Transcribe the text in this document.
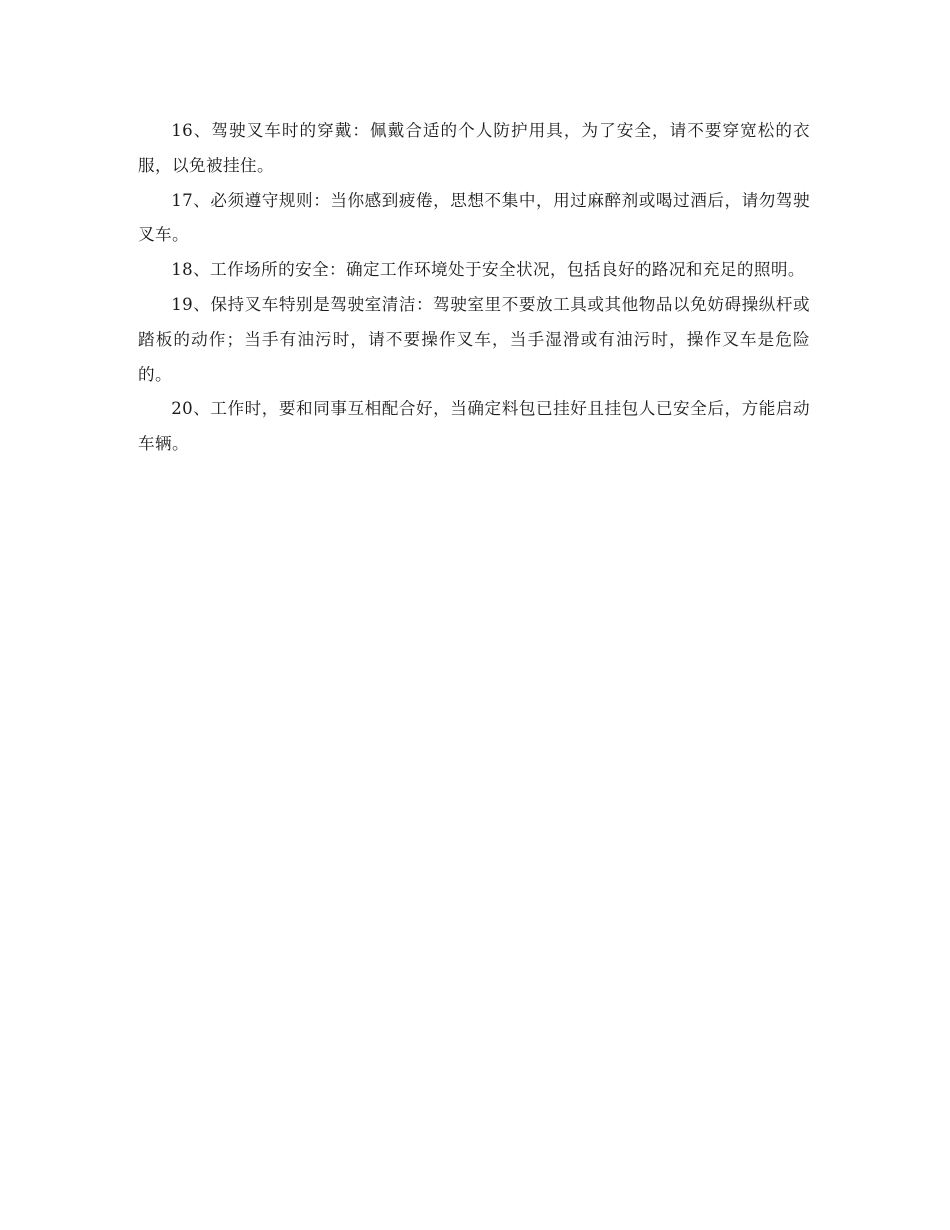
16、驾驶叉车时的穿戴：佩戴合适的个人防护用具，为了安全，请不要穿宽松的衣服，以免被挂住。

17、必须遵守规则：当你感到疲倦，思想不集中，用过麻醉剂或喝过酒后，请勿驾驶叉车。

18、工作场所的安全：确定工作环境处于安全状况，包括良好的路况和充足的照明。

19、保持叉车特别是驾驶室清洁：驾驶室里不要放工具或其他物品以免妨碍操纵杆或踏板的动作；当手有油污时，请不要操作叉车，当手湿滑或有油污时，操作叉车是危险的。

20、工作时，要和同事互相配合好，当确定料包已挂好且挂包人已安全后，方能启动车辆。
